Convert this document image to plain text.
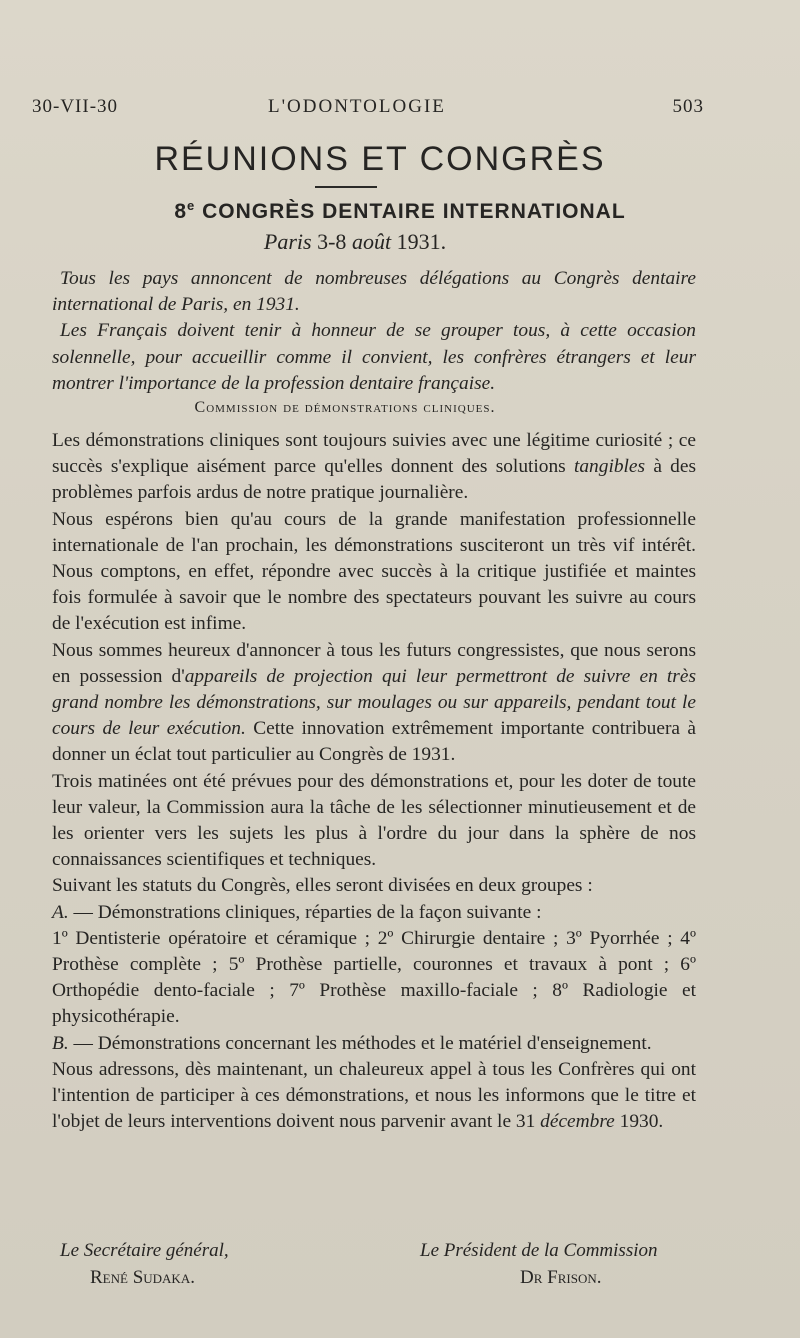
30-VII-30	L'ODONTOLOGIE	503
RÉUNIONS ET CONGRÈS
8e CONGRÈS DENTAIRE INTERNATIONAL
Paris 3-8 août 1931.

Tous les pays annoncent de nombreuses délégations au Congrès dentaire international de Paris, en 1931.

Les Français doivent tenir à honneur de se grouper tous, à cette occasion solennelle, pour accueillir comme il convient, les confrères étrangers et leur montrer l'importance de la profession dentaire française.

Commission de démonstrations cliniques.

Les démonstrations cliniques sont toujours suivies avec une légitime curiosité ; ce succès s'explique aisément parce qu'elles donnent des solutions tangibles à des problèmes parfois ardus de notre pratique journalière.

Nous espérons bien qu'au cours de la grande manifestation professionnelle internationale de l'an prochain, les démonstrations susciteront un très vif intérêt. Nous comptons, en effet, répondre avec succès à la critique justifiée et maintes fois formulée à savoir que le nombre des spectateurs pouvant les suivre au cours de l'exécution est infime.

Nous sommes heureux d'annoncer à tous les futurs congressistes, que nous serons en possession d'appareils de projection qui leur permettront de suivre en très grand nombre les démonstrations, sur moulages ou sur appareils, pendant tout le cours de leur exécution. Cette innovation extrêmement importante contribuera à donner un éclat tout particulier au Congrès de 1931.

Trois matinées ont été prévues pour des démonstrations et, pour les doter de toute leur valeur, la Commission aura la tâche de les sélectionner minutieusement et de les orienter vers les sujets les plus à l'ordre du jour dans la sphère de nos connaissances scientifiques et techniques.

Suivant les statuts du Congrès, elles seront divisées en deux groupes :

A. — Démonstrations cliniques, réparties de la façon suivante :

1º Dentisterie opératoire et céramique ; 2º Chirurgie dentaire ; 3º Pyorrhée ; 4º Prothèse complète ; 5º Prothèse partielle, couronnes et travaux à pont ; 6º Orthopédie dento-faciale ; 7º Prothèse maxillo-faciale ; 8º Radiologie et physicothérapie.

B. — Démonstrations concernant les méthodes et le matériel d'enseignement.

Nous adressons, dès maintenant, un chaleureux appel à tous les Confrères qui ont l'intention de participer à ces démonstrations, et nous les informons que le titre et l'objet de leurs interventions doivent nous parvenir avant le 31 décembre 1930.

Le Secrétaire général,
René Sudaka.
Le Président de la Commission
Dr Frison.
